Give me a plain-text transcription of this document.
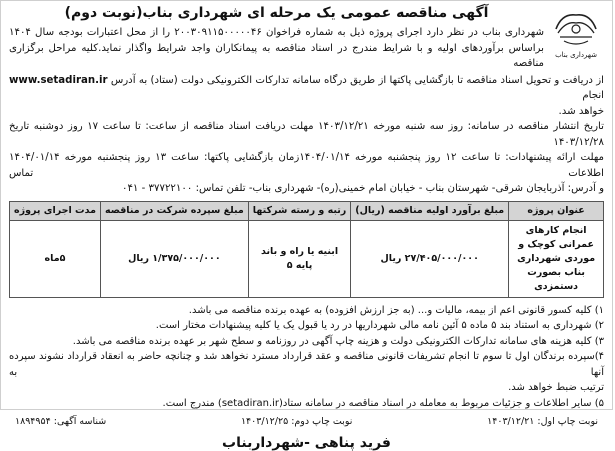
شهرداری بناب
آگهی مناقصه عمومی یک مرحله ای شهرداری بناب(نوبت دوم)

شهرداری بناب در نظر دارد اجرای پروژه ذیل به شماره فراخوان ۲۰۰۳۰۹۱۱۵۰۰۰۰۰۴۶ را از محل اعتبارات بودجه سال ۱۴۰۴

براساس برآوردهای اولیه و با شرایط مندرج در اسناد مناقصه به پیمانکاران واجد شرایط واگذار نماید.کلیه مراحل برگزاری مناقصه

از دریافت و تحویل اسناد مناقصه تا بازگشایی پاکتها از طریق درگاه سامانه تدارکات الکترونیکی دولت (ستاد) به آدرس www.setadiran.ir انجام

خواهد شد.

تاریخ انتشار مناقصه در سامانه: روز سه شنبه مورخه ۱۴۰۳/۱۲/۲۱ مهلت دریافت اسناد مناقصه از ساعت: تا ساعت ۱۷ روز دوشنبه تاریخ ۱۴۰۳/۱۲/۲۸

مهلت ارائه پیشنهادات: تا ساعت ۱۲ روز پنجشنبه مورخه ۱۴۰۴/۰۱/۱۴زمان بازگشایی پاکتها: ساعت ۱۳ روز پنجشنبه مورخه ۱۴۰۴/۰۱/۱۴ اطلاعات تماس

و آدرس: آذربایجان شرقی- شهرستان بناب - خیابان امام خمینی(ره)- شهرداری بناب- تلفن تماس: ۳۷۷۲۲۱۰۰ - ۰۴۱

عنوان پروژه	مبلغ برآورد اولیه مناقصه (ریال)	رتبه و رسته شرکتها	مبلغ سپرده شرکت در مناقصه	مدت اجرای پروژه
انجام کارهای عمرانی کوچک و موردی شهرداری بناب بصورت دستمزدی	۲۷/۴۰۵/۰۰۰/۰۰۰ ریال	ابنیه یا راه و باند پایه ۵	۱/۳۷۵/۰۰۰/۰۰۰ ریال	۵ماه

۱) کلیه کسور قانونی اعم از بیمه، مالیات و... (به جز ارزش افزوده) به عهده برنده مناقصه می باشد.

۲) شهرداری به استناد بند ۵ ماده ۵ آئین نامه مالی شهرداریها در رد یا قبول یک یا کلیه پیشنهادات مختار است.

۳) کلیه هزینه های سامانه تدارکات الکترونیکی دولت و هزینه چاپ آگهی در روزنامه و سطح شهر بر عهده برنده مناقصه می باشد.

۴)سپرده برندگان اول تا سوم تا انجام تشریفات قانونی مناقصه و عقد قرارداد مسترد نخواهد شد و چنانچه حاضر به انعقاد قرارداد نشوند سپرده آنها به

ترتیب ضبط خواهد شد.

۵) سایر اطلاعات و جزئیات مربوط به معامله در اسناد مناقصه در سامانه ستاد(setadiran.ir) مندرج است.

نوبت چاپ اول: ۱۴۰۳/۱۲/۲۱
نوبت چاپ دوم: ۱۴۰۳/۱۲/۲۵
شناسه آگهی: ۱۸۹۴۹۵۴
فرید پناهی -شهرداربناب
